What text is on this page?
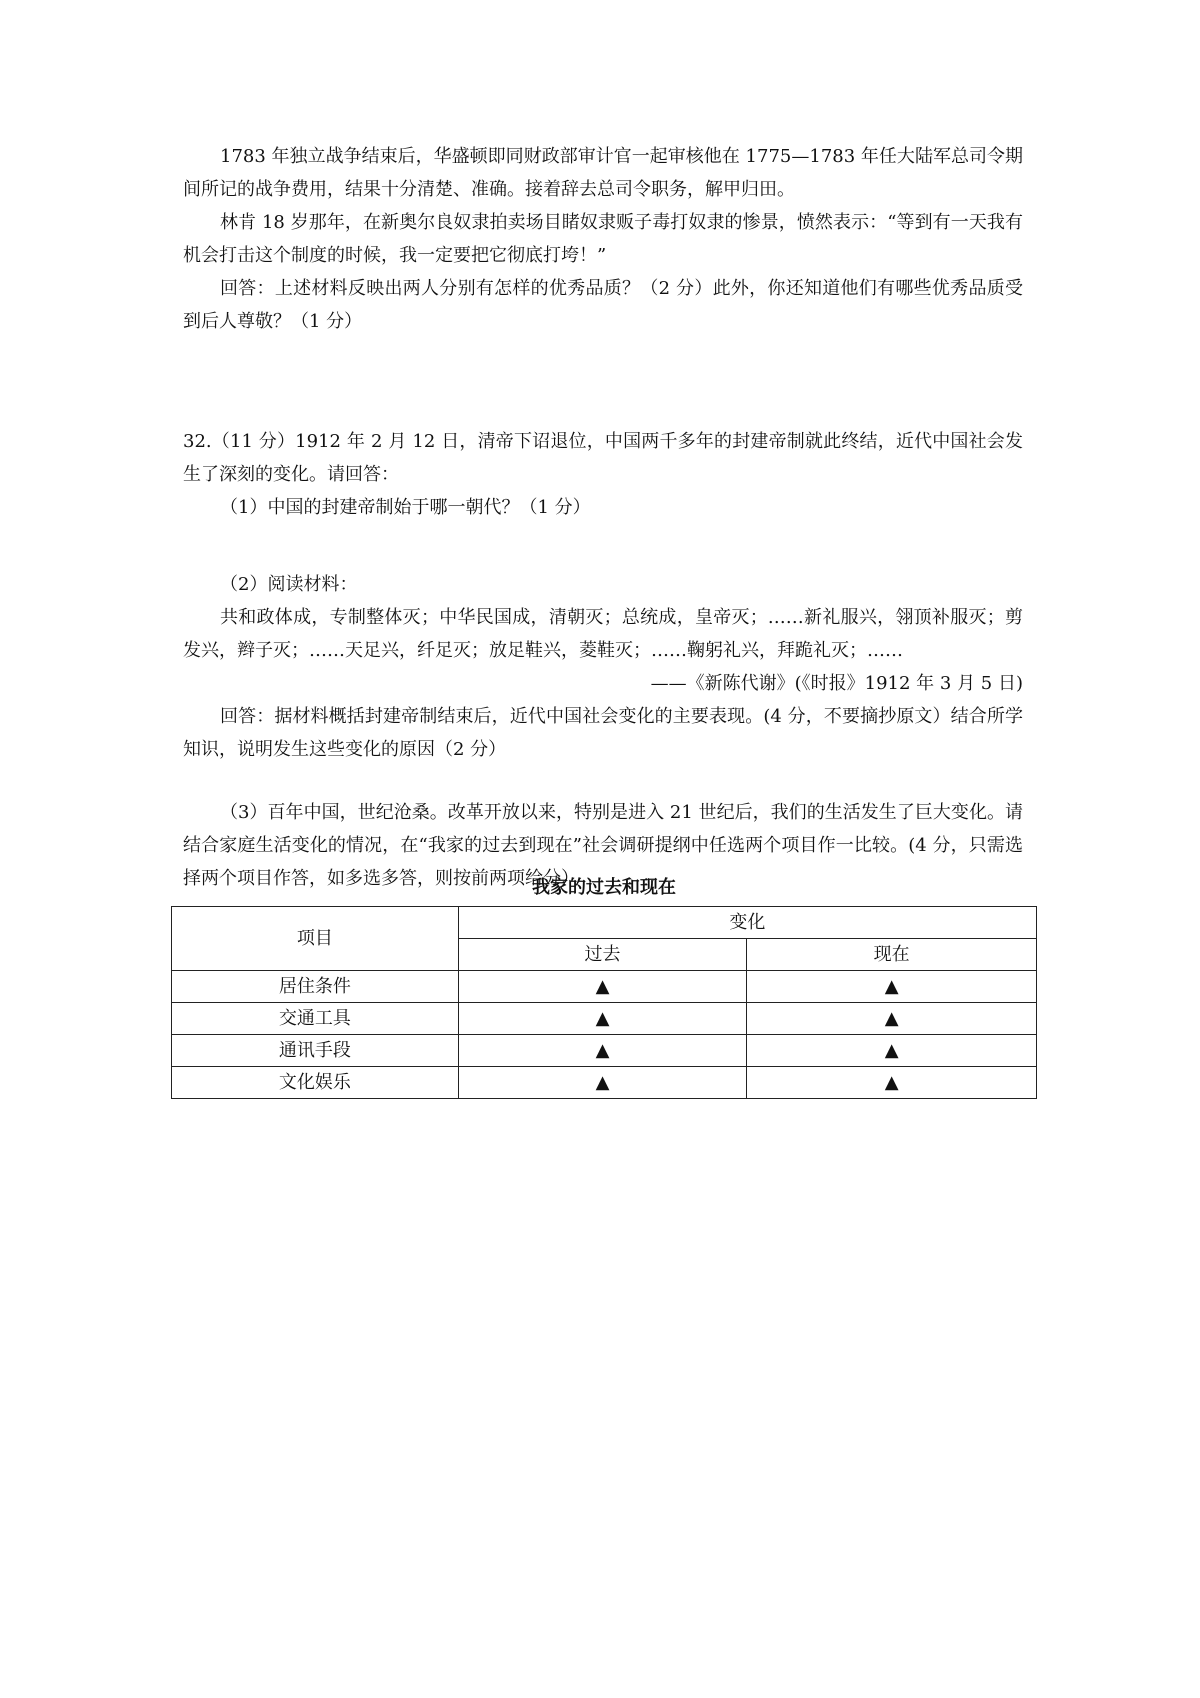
1783 年独立战争结束后，华盛顿即同财政部审计官一起审核他在 1775—1783 年任大陆军总司令期间所记的战争费用，结果十分清楚、准确。接着辞去总司令职务，解甲归田。

林肯 18 岁那年，在新奥尔良奴隶拍卖场目睹奴隶贩子毒打奴隶的惨景，愤然表示：“等到有一天我有机会打击这个制度的时候，我一定要把它彻底打垮！”

回答：上述材料反映出两人分别有怎样的优秀品质？（2 分）此外，你还知道他们有哪些优秀品质受到后人尊敬？（1 分）

32.（11 分）1912 年 2 月 12 日，清帝下诏退位，中国两千多年的封建帝制就此终结，近代中国社会发生了深刻的变化。请回答：

（1）中国的封建帝制始于哪一朝代？（1 分）

（2）阅读材料：

共和政体成，专制整体灭；中华民国成，清朝灭；总统成，皇帝灭；……新礼服兴，翎顶补服灭；剪发兴，辫子灭；……天足兴，纤足灭；放足鞋兴，菱鞋灭；……鞠躬礼兴，拜跪礼灭；……

——《新陈代谢》(《时报》1912 年 3 月 5 日)

回答：据材料概括封建帝制结束后，近代中国社会变化的主要表现。(4 分，不要摘抄原文）结合所学知识，说明发生这些变化的原因（2 分）

（3）百年中国，世纪沧桑。改革开放以来，特别是进入 21 世纪后，我们的生活发生了巨大变化。请结合家庭生活变化的情况，在“我家的过去到现在”社会调研提纲中任选两个项目作一比较。(4 分，只需选择两个项目作答，如多选多答，则按前两项给分）

我家的过去和现在
项目	变化	
	过去	现在
居住条件	▲	▲
交通工具	▲	▲
通讯手段	▲	▲
文化娱乐	▲	▲
